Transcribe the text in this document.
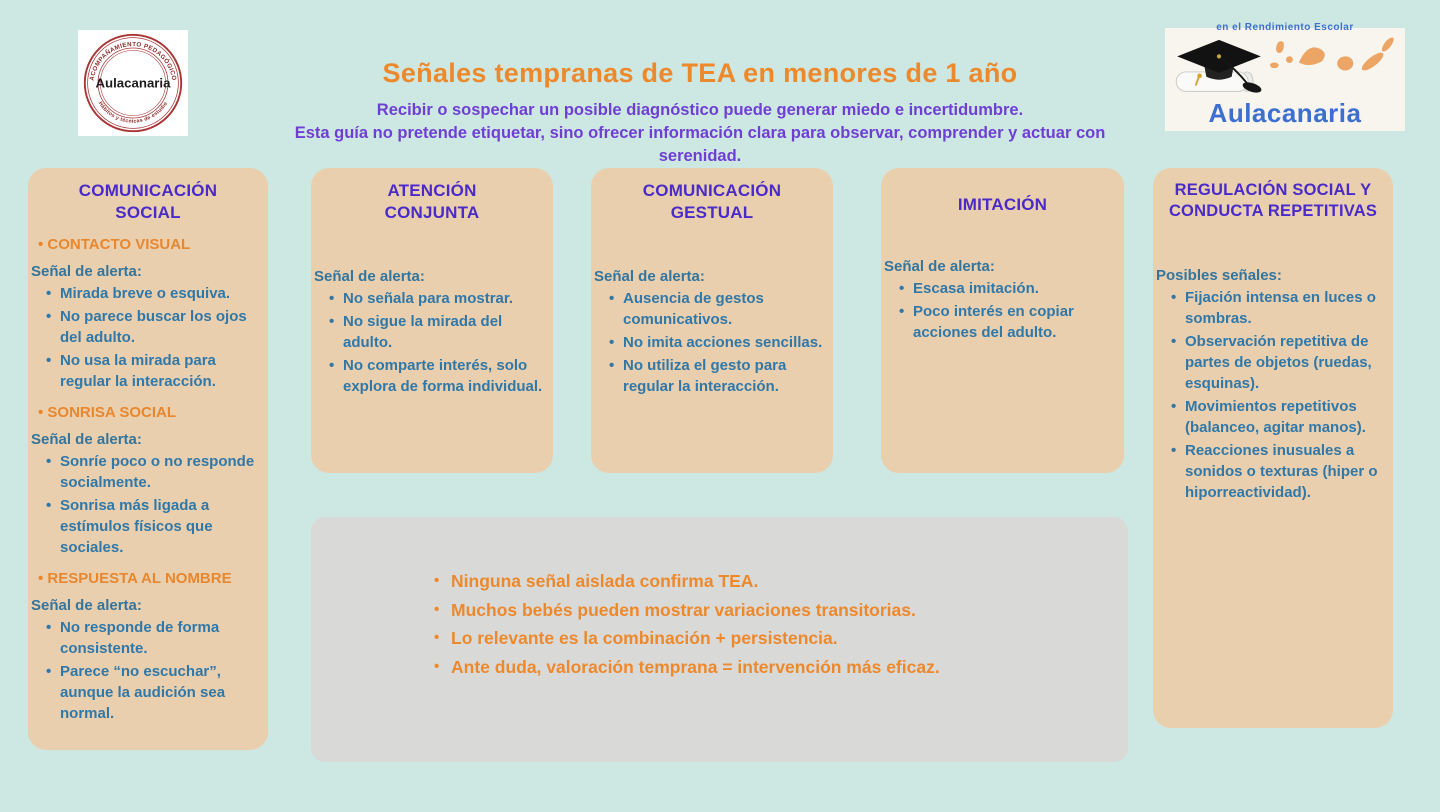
ACOMPAÑAMIENTO PEDAGÓGICO
Hábitos y técnicas de estudio
Aulacanaria	Señales tempranas de TEA en menores de 1 año
Recibir o sospechar un posible diagnóstico puede generar miedo e incertidumbre.
Esta guía no pretende etiquetar, sino ofrecer información clara para observar, comprender y actuar con serenidad.
en el Rendimiento Escolar
Aulacanaria
COMUNICACIÓN SOCIAL
• CONTACTO VISUAL
Señal de alerta:
• Mirada breve o esquiva.
• No parece buscar los ojos del adulto.
• No usa la mirada para regular la interacción.
• SONRISA SOCIAL
Señal de alerta:
• Sonríe poco o no responde socialmente.
• Sonrisa más ligada a estímulos físicos que sociales.
• RESPUESTA AL NOMBRE
Señal de alerta:
• No responde de forma consistente.
• Parece “no escuchar”, aunque la audición sea normal.
ATENCIÓN CONJUNTA
Señal de alerta:
• No señala para mostrar.
• No sigue la mirada del adulto.
• No comparte interés, solo explora de forma individual.
COMUNICACIÓN GESTUAL
Señal de alerta:
• Ausencia de gestos comunicativos.
• No imita acciones sencillas.
• No utiliza el gesto para regular la interacción.
IMITACIÓN
Señal de alerta:
• Escasa imitación.
• Poco interés en copiar acciones del adulto.
REGULACIÓN SOCIAL Y CONDUCTA REPETITIVAS
Posibles señales:
• Fijación intensa en luces o sombras.
• Observación repetitiva de partes de objetos (ruedas, esquinas).
• Movimientos repetitivos (balanceo, agitar manos).
• Reacciones inusuales a sonidos o texturas (hiper o hiporreactividad).
• Ninguna señal aislada confirma TEA.
• Muchos bebés pueden mostrar variaciones transitorias.
• Lo relevante es la combinación + persistencia.
• Ante duda, valoración temprana = intervención más eficaz.
